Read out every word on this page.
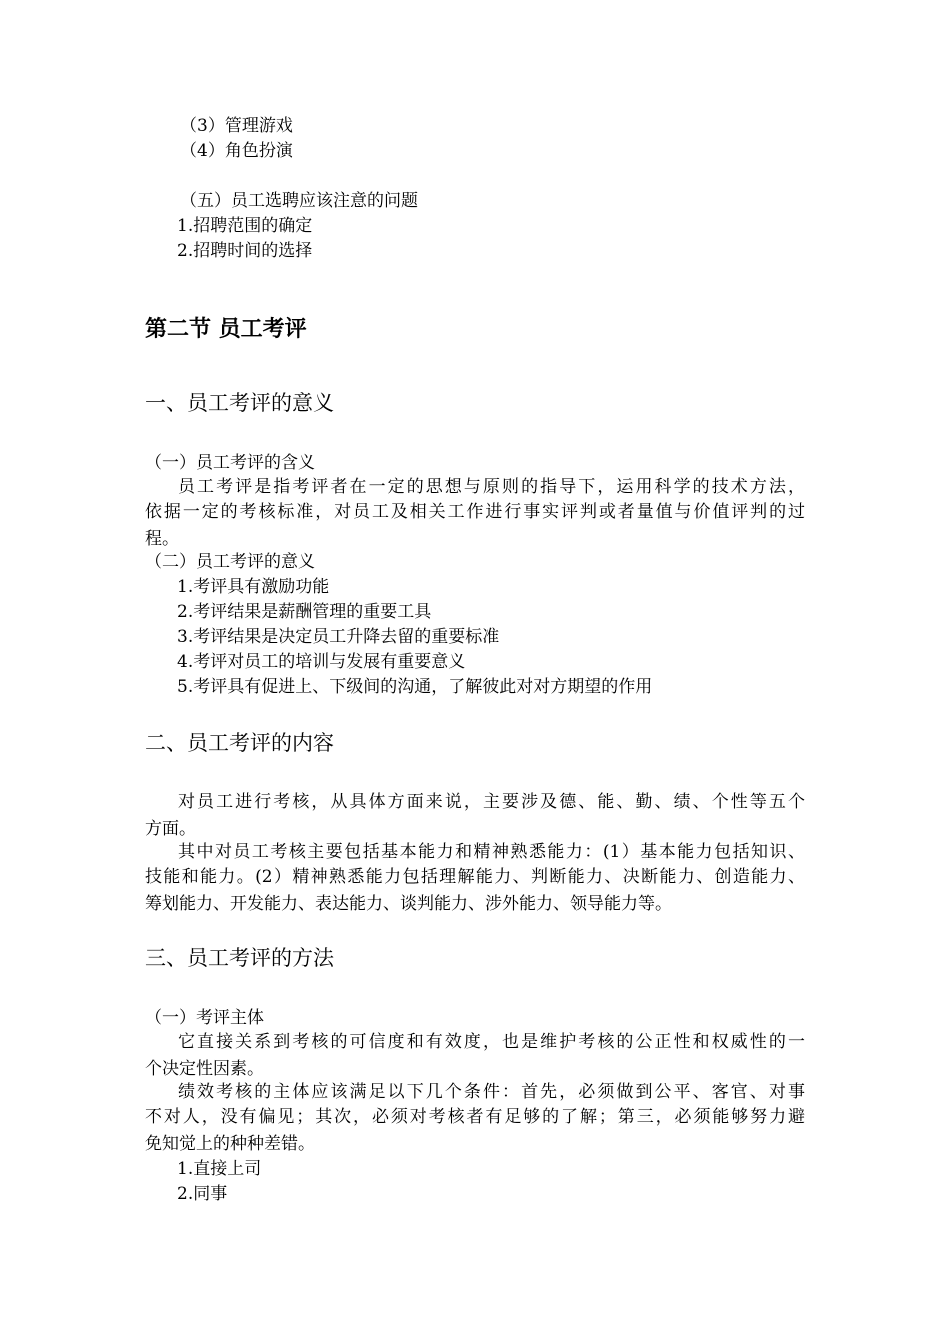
（3）管理游戏
（4）角色扮演
（五）员工选聘应该注意的问题
1.招聘范围的确定
2.招聘时间的选择
第二节 员工考评
一、员工考评的意义
（一）员工考评的含义
员工考评是指考评者在一定的思想与原则的指导下，运用科学的技术方法，
依据一定的考核标准，对员工及相关工作进行事实评判或者量值与价值评判的过
程。
（二）员工考评的意义
1.考评具有激励功能
2.考评结果是薪酬管理的重要工具
3.考评结果是决定员工升降去留的重要标准
4.考评对员工的培训与发展有重要意义
5.考评具有促进上、下级间的沟通，了解彼此对对方期望的作用
二、员工考评的内容
对员工进行考核，从具体方面来说，主要涉及德、能、勤、绩、个性等五个
方面。
其中对员工考核主要包括基本能力和精神熟悉能力：(1）基本能力包括知识、
技能和能力。(2）精神熟悉能力包括理解能力、判断能力、决断能力、创造能力、
筹划能力、开发能力、表达能力、谈判能力、涉外能力、领导能力等。
三、员工考评的方法
（一）考评主体
它直接关系到考核的可信度和有效度，也是维护考核的公正性和权威性的一
个决定性因素。
绩效考核的主体应该满足以下几个条件：首先，必须做到公平、客官、对事
不对人，没有偏见；其次，必须对考核者有足够的了解；第三，必须能够努力避
免知觉上的种种差错。
1.直接上司
2.同事
